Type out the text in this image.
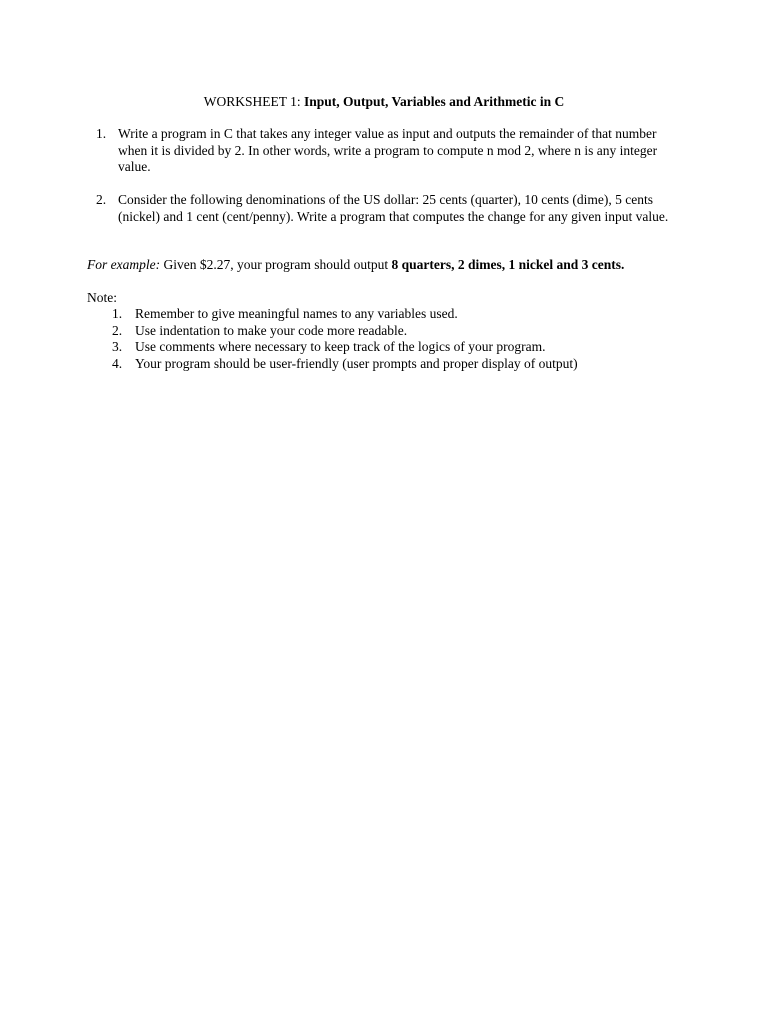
WORKSHEET 1: Input, Output, Variables and Arithmetic in C
1. Write a program in C that takes any integer value as input and outputs the remainder of that number when it is divided by 2. In other words, write a program to compute n mod 2, where n is any integer value.
2. Consider the following denominations of the US dollar: 25 cents (quarter), 10 cents (dime), 5 cents (nickel) and 1 cent (cent/penny). Write a program that computes the change for any given input value.
For example: Given $2.27, your program should output 8 quarters, 2 dimes, 1 nickel and 3 cents.
Note:
1. Remember to give meaningful names to any variables used.
2. Use indentation to make your code more readable.
3. Use comments where necessary to keep track of the logics of your program.
4. Your program should be user-friendly (user prompts and proper display of output)
